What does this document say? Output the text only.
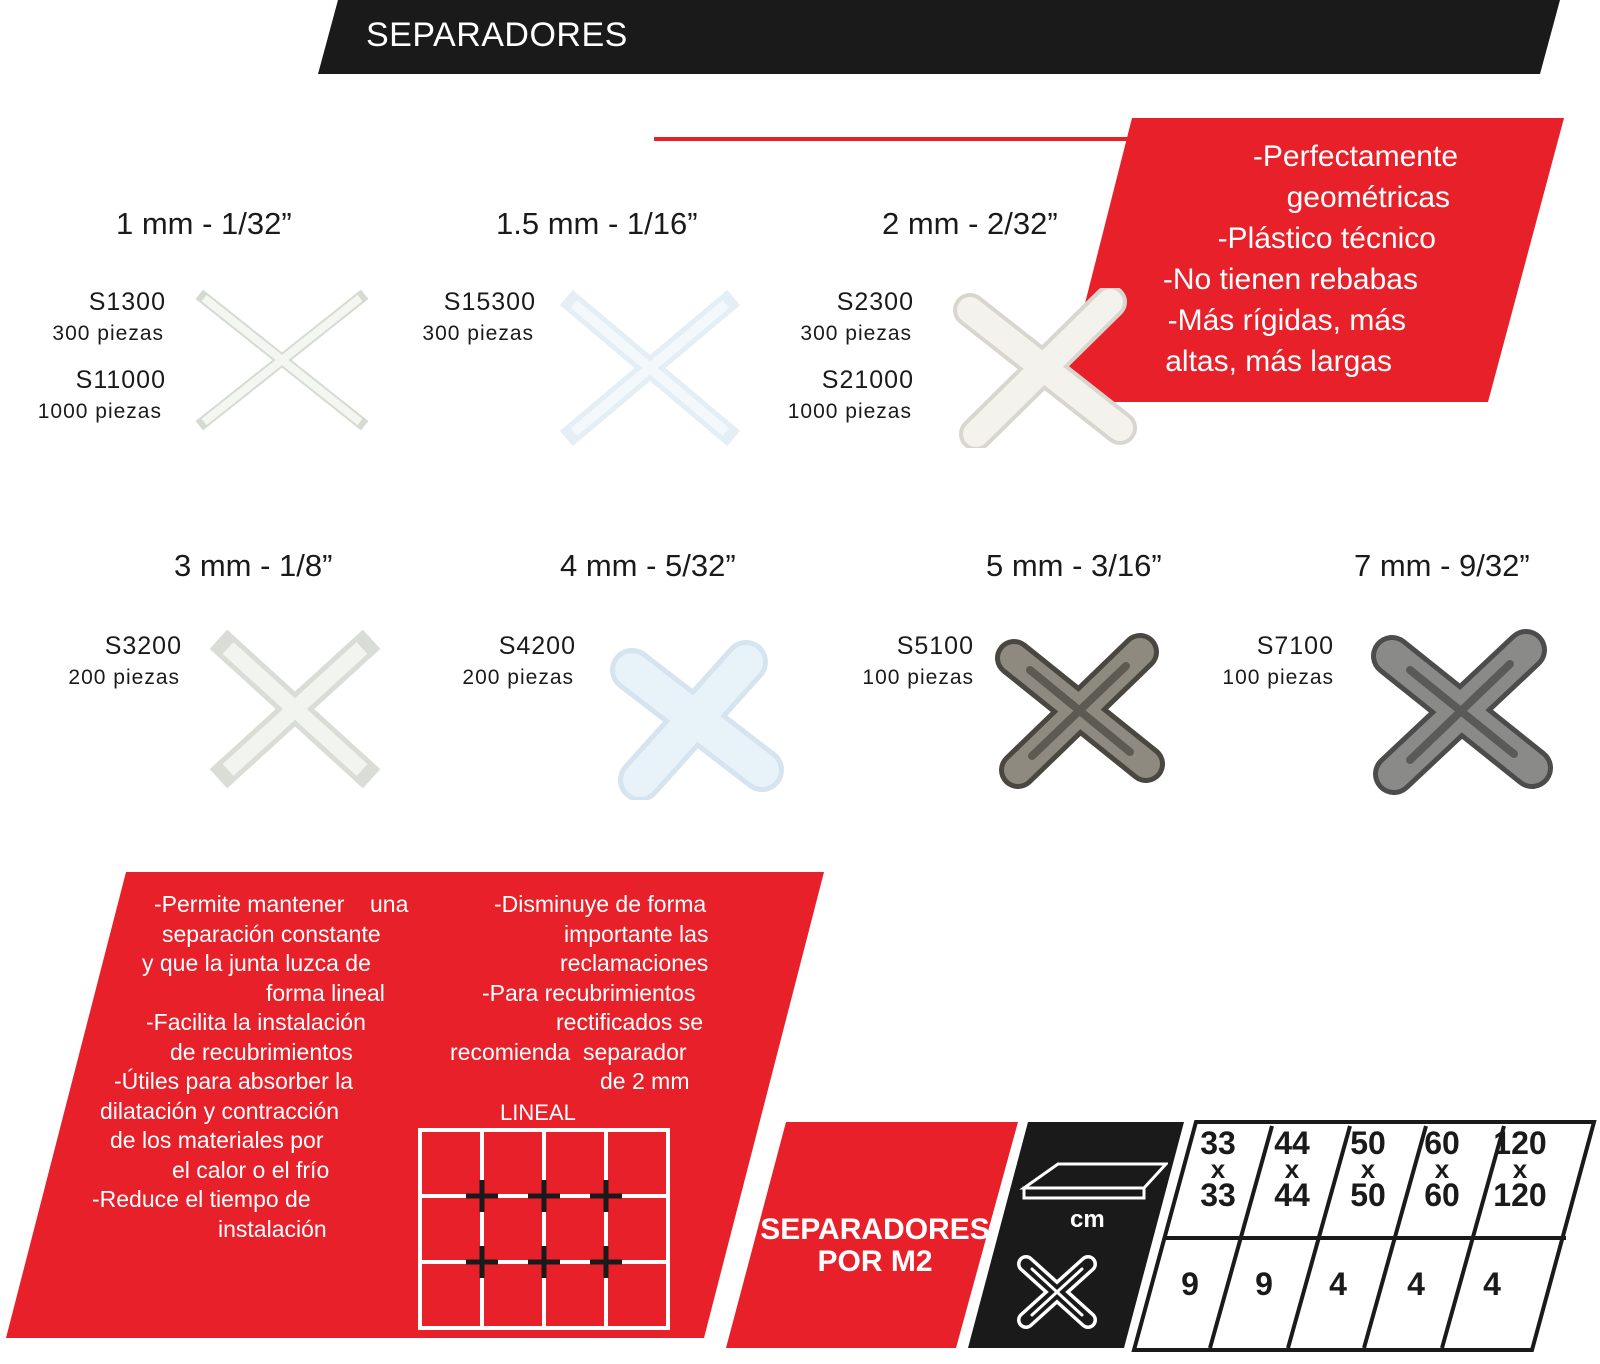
SEPARADORES
-Perfectamente
geométricas
-Plástico técnico
-No tienen rebabas
-Más rígidas, más
altas, más largas
1 mm - 1/32”
S1300
300 piezas
S11000
1000 piezas
1.5 mm - 1/16”
S15300
300 piezas
2 mm - 2/32”
S2300
300 piezas
S21000
1000 piezas
3 mm - 1/8”
S3200
200 piezas
4 mm - 5/32”
S4200
200 piezas
5 mm - 3/16”
S5100
100 piezas
7 mm - 9/32”
S7100
100 piezas
-Permite mantener    una
separación constante
y que la junta luzca de
forma lineal
-Facilita la instalación
de recubrimientos
-Útiles para absorber la
dilatación y contracción
de los materiales por
el calor o el frío
-Reduce el tiempo de
instalación
-Disminuye de forma
importante las
reclamaciones
-Para recubrimientos
rectificados se
recomienda  separador
de 2 mm
LINEAL
SEPARADORES
POR M2
cm
33
x
33
44
x
44
50
x
50
60
x
60
120
x
120
9	9	4	4	4
